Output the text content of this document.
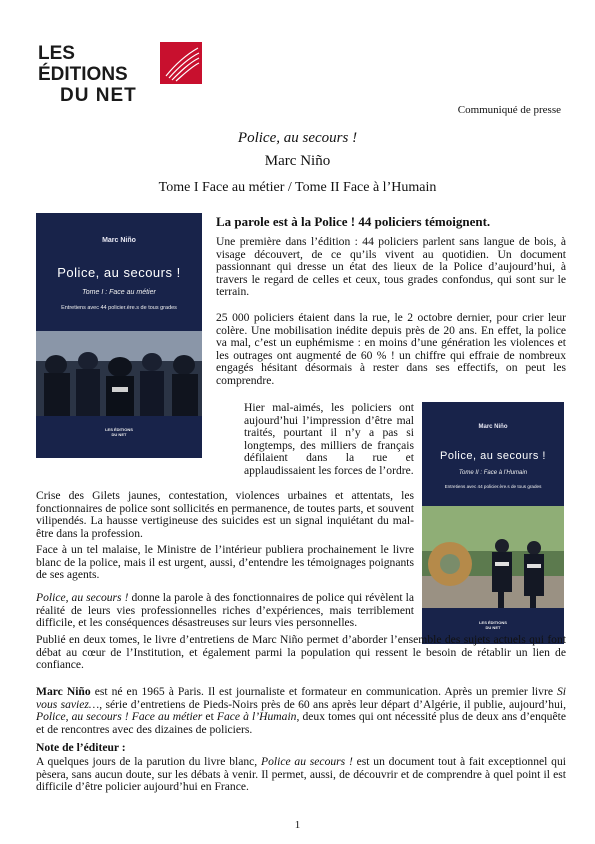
LES ÉDITIONS
DU NET
Communiqué de presse
Police, au secours !
Marc Niño
Tome I Face au métier / Tome II Face à l’Humain
Marc Niño
Police, au secours !
Tome I : Face au métier
Entretiens avec 44 policier.ère.s de tous grades
LES ÉDITIONS
DU NET
Marc Niño
Police, au secours !
Tome II : Face à l’Humain
Entretiens avec 44 policier.ère.s de tous grades
LES ÉDITIONS
DU NET
La parole est à la Police ! 44 policiers témoignent.
Une première dans l’édition : 44 policiers parlent sans langue de bois, à visage découvert, de ce qu’ils vivent au quotidien. Un document passionnant qui dresse un état des lieux de la Police d’aujourd’hui, à travers le regard de celles et ceux, tous grades confondus, qui sont sur le terrain.
25 000 policiers étaient dans la rue, le 2 octobre dernier, pour crier leur colère. Une mobilisation inédite depuis près de 20 ans. En effet, la police va mal, c’est un euphémisme : en moins d’une génération les violences et les outrages ont augmenté de 60 % ! un chiffre qui effraie de nombreux engagés hésitant désormais à rester dans ses effectifs, on peut les comprendre.
Hier mal-aimés, les policiers ont aujourd’hui l’impression d’être mal traités, pourtant il n’y a pas si longtemps, des milliers de français défilaient dans la rue et applaudissaient les forces de l’ordre.
Crise des Gilets jaunes, contestation, violences urbaines et attentats, les fonctionnaires de police sont sollicités en permanence, de toutes parts, et souvent vilipendés. La hausse vertigineuse des suicides est un signal inquiétant du mal-être dans la profession.
Face à un tel malaise, le Ministre de l’intérieur publiera prochainement le livre blanc de la police, mais il est urgent, aussi, d’entendre les témoignages poignants de ses agents.
Police, au secours ! donne la parole à des fonctionnaires de police qui révèlent la réalité de leurs vies professionnelles riches d’expériences, mais terriblement difficile, et les conséquences désastreuses sur leurs vies personnelles.
Publié en deux tomes, le livre d’entretiens de Marc Niño permet d’aborder l’ensemble des sujets actuels qui font débat au cœur de l’Institution, et également parmi la population qui ressent le besoin de rétablir un lien de confiance.
Marc Niño est né en 1965 à Paris. Il est journaliste et formateur en communication. Après un premier livre Si vous saviez…, série d’entretiens de Pieds-Noirs près de 60 ans après leur départ d’Algérie, il publie, aujourd’hui, Police, au secours ! Face au métier et Face à l’Humain, deux tomes qui ont nécessité plus de deux ans d’enquête et de rencontres avec des dizaines de policiers.
Note de l’éditeur :
A quelques jours de la parution du livre blanc, Police au secours ! est un document tout à fait exceptionnel qui pèsera, sans aucun doute, sur les débats à venir. Il permet, aussi, de découvrir et de comprendre à quel point il est difficile d’être policier aujourd’hui en France.
1
